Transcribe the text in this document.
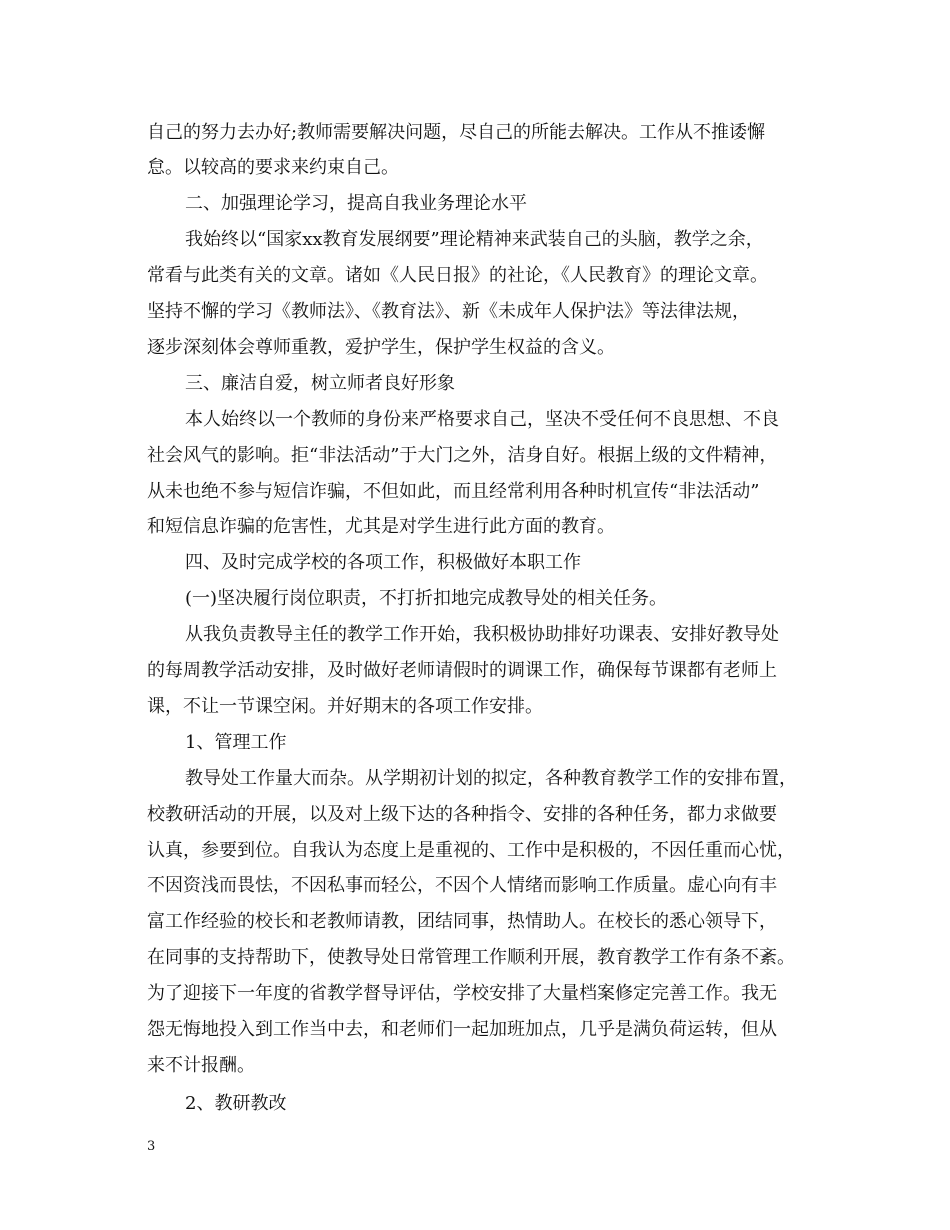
自己的努力去办好;教师需要解决问题，尽自己的所能去解决。工作从不推诿懈
怠。以较高的要求来约束自己。
二、加强理论学习，提高自我业务理论水平
我始终以“国家xx教育发展纲要”理论精神来武装自己的头脑，教学之余，
常看与此类有关的文章。诸如《人民日报》的社论，《人民教育》的理论文章。
坚持不懈的学习《教师法》、《教育法》、新《未成年人保护法》等法律法规，
逐步深刻体会尊师重教，爱护学生，保护学生权益的含义。
三、廉洁自爱，树立师者良好形象
本人始终以一个教师的身份来严格要求自己，坚决不受任何不良思想、不良
社会风气的影响。拒“非法活动”于大门之外，洁身自好。根据上级的文件精神，
从未也绝不参与短信诈骗，不但如此，而且经常利用各种时机宣传“非法活动”
和短信息诈骗的危害性，尤其是对学生进行此方面的教育。
四、及时完成学校的各项工作，积极做好本职工作
(一)坚决履行岗位职责，不打折扣地完成教导处的相关任务。
从我负责教导主任的教学工作开始，我积极协助排好功课表、安排好教导处
的每周教学活动安排，及时做好老师请假时的调课工作，确保每节课都有老师上
课，不让一节课空闲。并好期末的各项工作安排。
1、管理工作
教导处工作量大而杂。从学期初计划的拟定，各种教育教学工作的安排布置，
校教研活动的开展，以及对上级下达的各种指令、安排的各种任务，都力求做要
认真，参要到位。自我认为态度上是重视的、工作中是积极的，不因任重而心忧，
不因资浅而畏怯，不因私事而轻公，不因个人情绪而影响工作质量。虚心向有丰
富工作经验的校长和老教师请教，团结同事，热情助人。在校长的悉心领导下，
在同事的支持帮助下，使教导处日常管理工作顺利开展，教育教学工作有条不紊。
为了迎接下一年度的省教学督导评估，学校安排了大量档案修定完善工作。我无
怨无悔地投入到工作当中去，和老师们一起加班加点，几乎是满负荷运转，但从
来不计报酬。
2、教研教改
3
